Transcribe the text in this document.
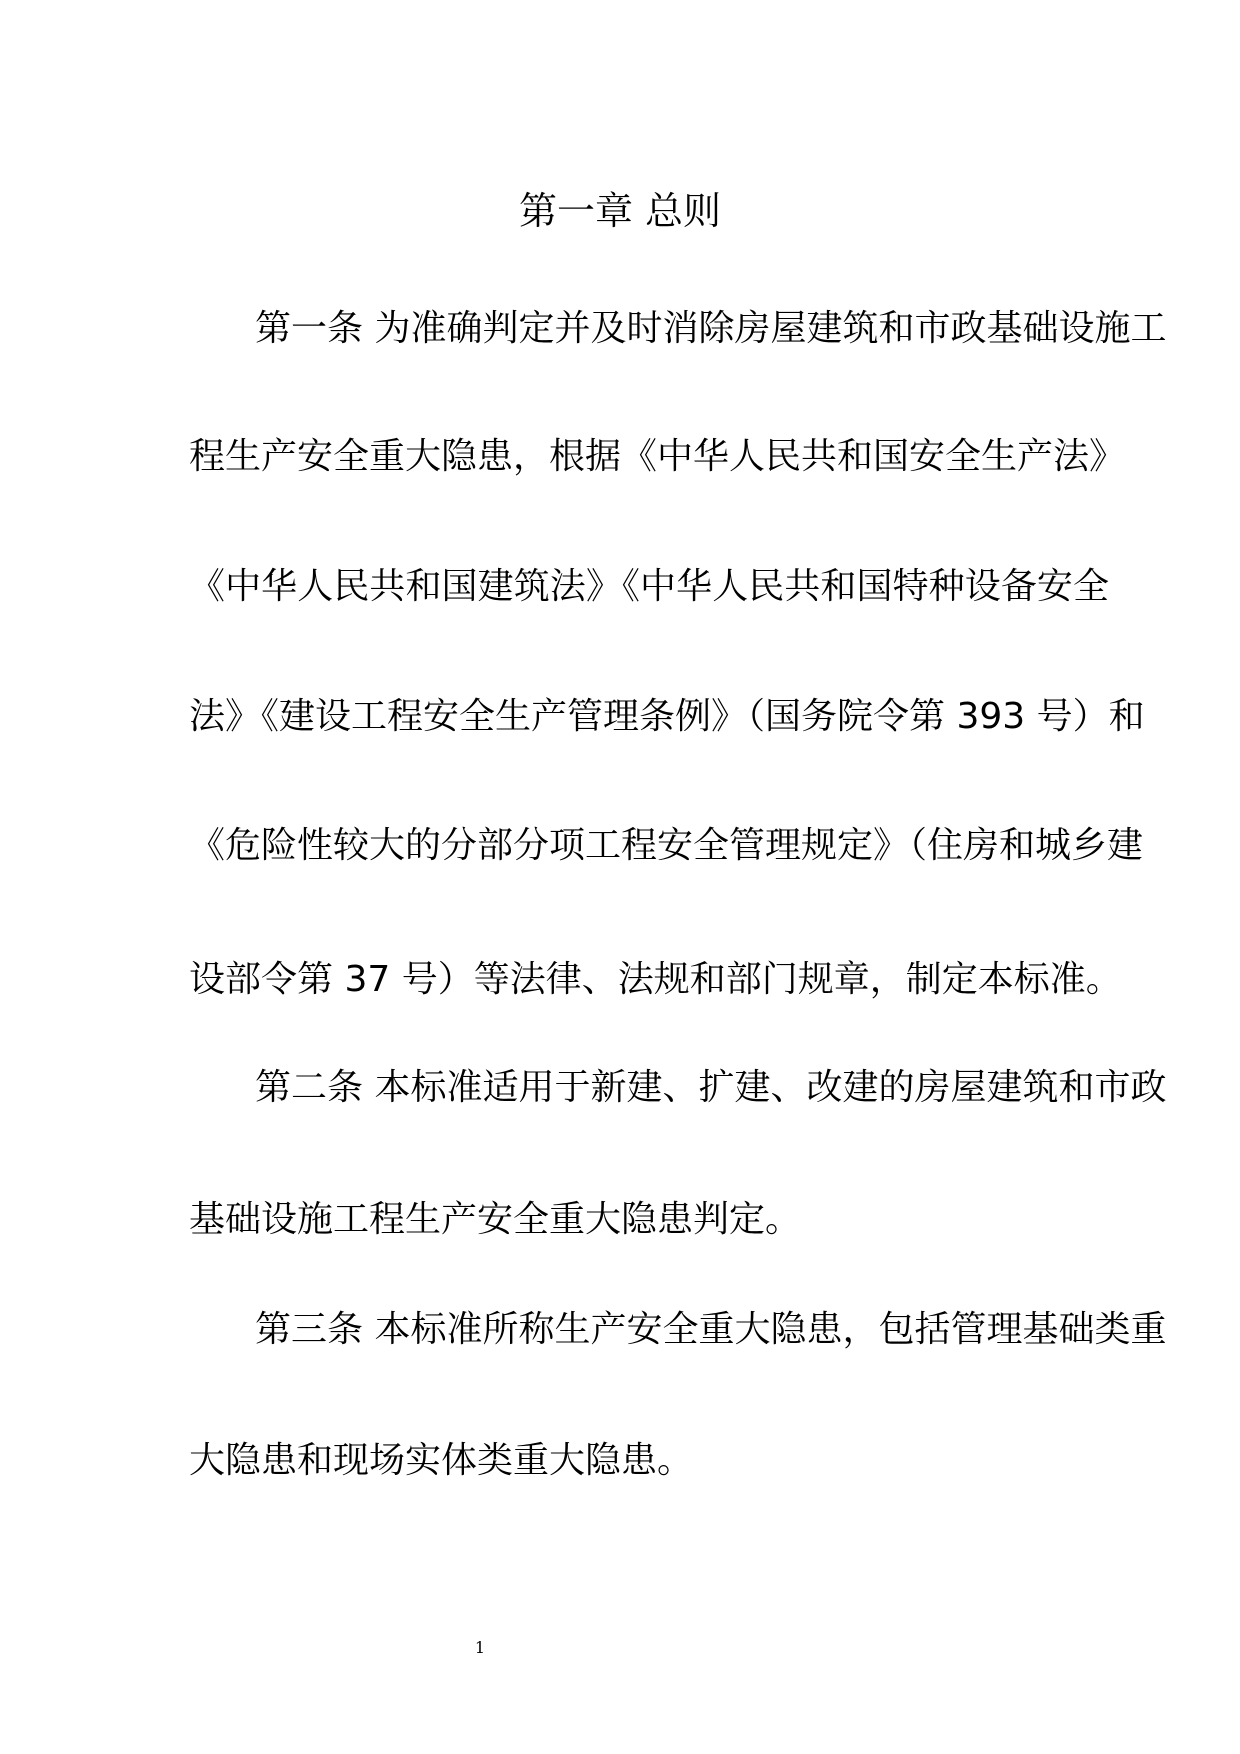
第一章 总则
第一条 为准确判定并及时消除房屋建筑和市政基础设施工
程生产安全重大隐患，根据《中华人民共和国安全生产法》
《中华人民共和国建筑法》《中华人民共和国特种设备安全
法》《建设工程安全生产管理条例》（国务院令第 393 号）和
《危险性较大的分部分项工程安全管理规定》（住房和城乡建
设部令第 37 号）等法律、法规和部门规章，制定本标准。
第二条 本标准适用于新建、扩建、改建的房屋建筑和市政
基础设施工程生产安全重大隐患判定。
第三条 本标准所称生产安全重大隐患，包括管理基础类重
大隐患和现场实体类重大隐患。
1
